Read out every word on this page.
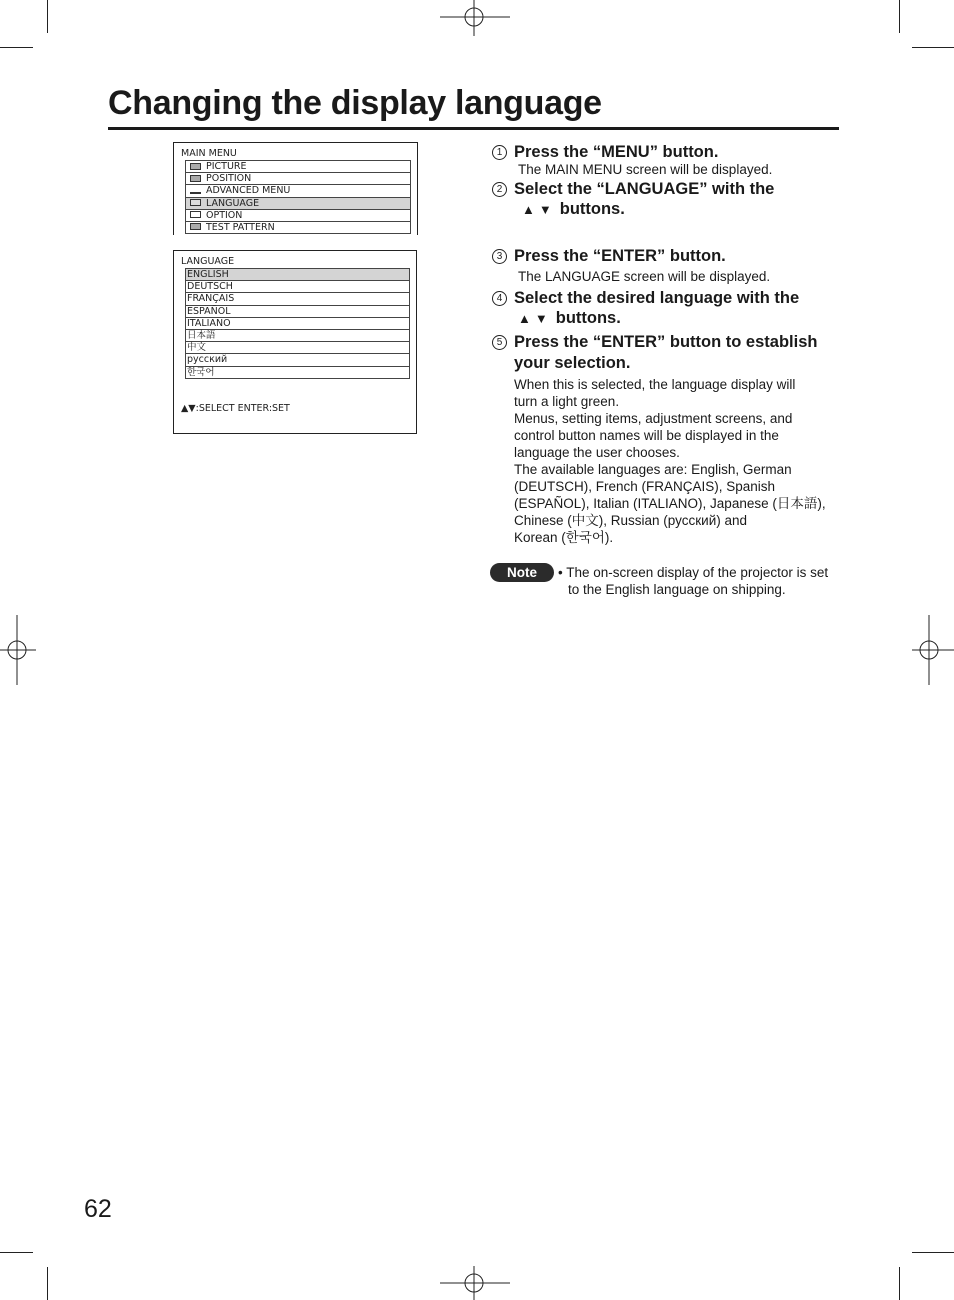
Changing the display language
MAIN MENU
PICTURE
POSITION
ADVANCED MENU
LANGUAGE
OPTION
TEST PATTERN
LANGUAGE
ENGLISH
DEUTSCH
FRANÇAIS
ESPAÑOL
ITALIANO
日本語
中文
русский
한국어
▲▼:SELECT ENTER:SET
1 Press the “MENU” button.
The MAIN MENU screen will be displayed.
2 Select the “LANGUAGE” with the
▲▼ buttons.
3 Press the “ENTER” button.
The LANGUAGE screen will be displayed.
4 Select the desired language with the
▲▼ buttons.
5 Press the “ENTER” button to establish
your selection.
When this is selected, the language display will
turn a light green.
Menus, setting items, adjustment screens, and
control button names will be displayed in the
language the user chooses.
The available languages are: English, German
(DEUTSCH), French (FRANÇAIS), Spanish
(ESPAÑOL), Italian (ITALIANO), Japanese (日本語),
Chinese (中文), Russian (русский) and
Korean (한국어).
Note	• The on-screen display of the projector is set
to the English language on shipping.
62
